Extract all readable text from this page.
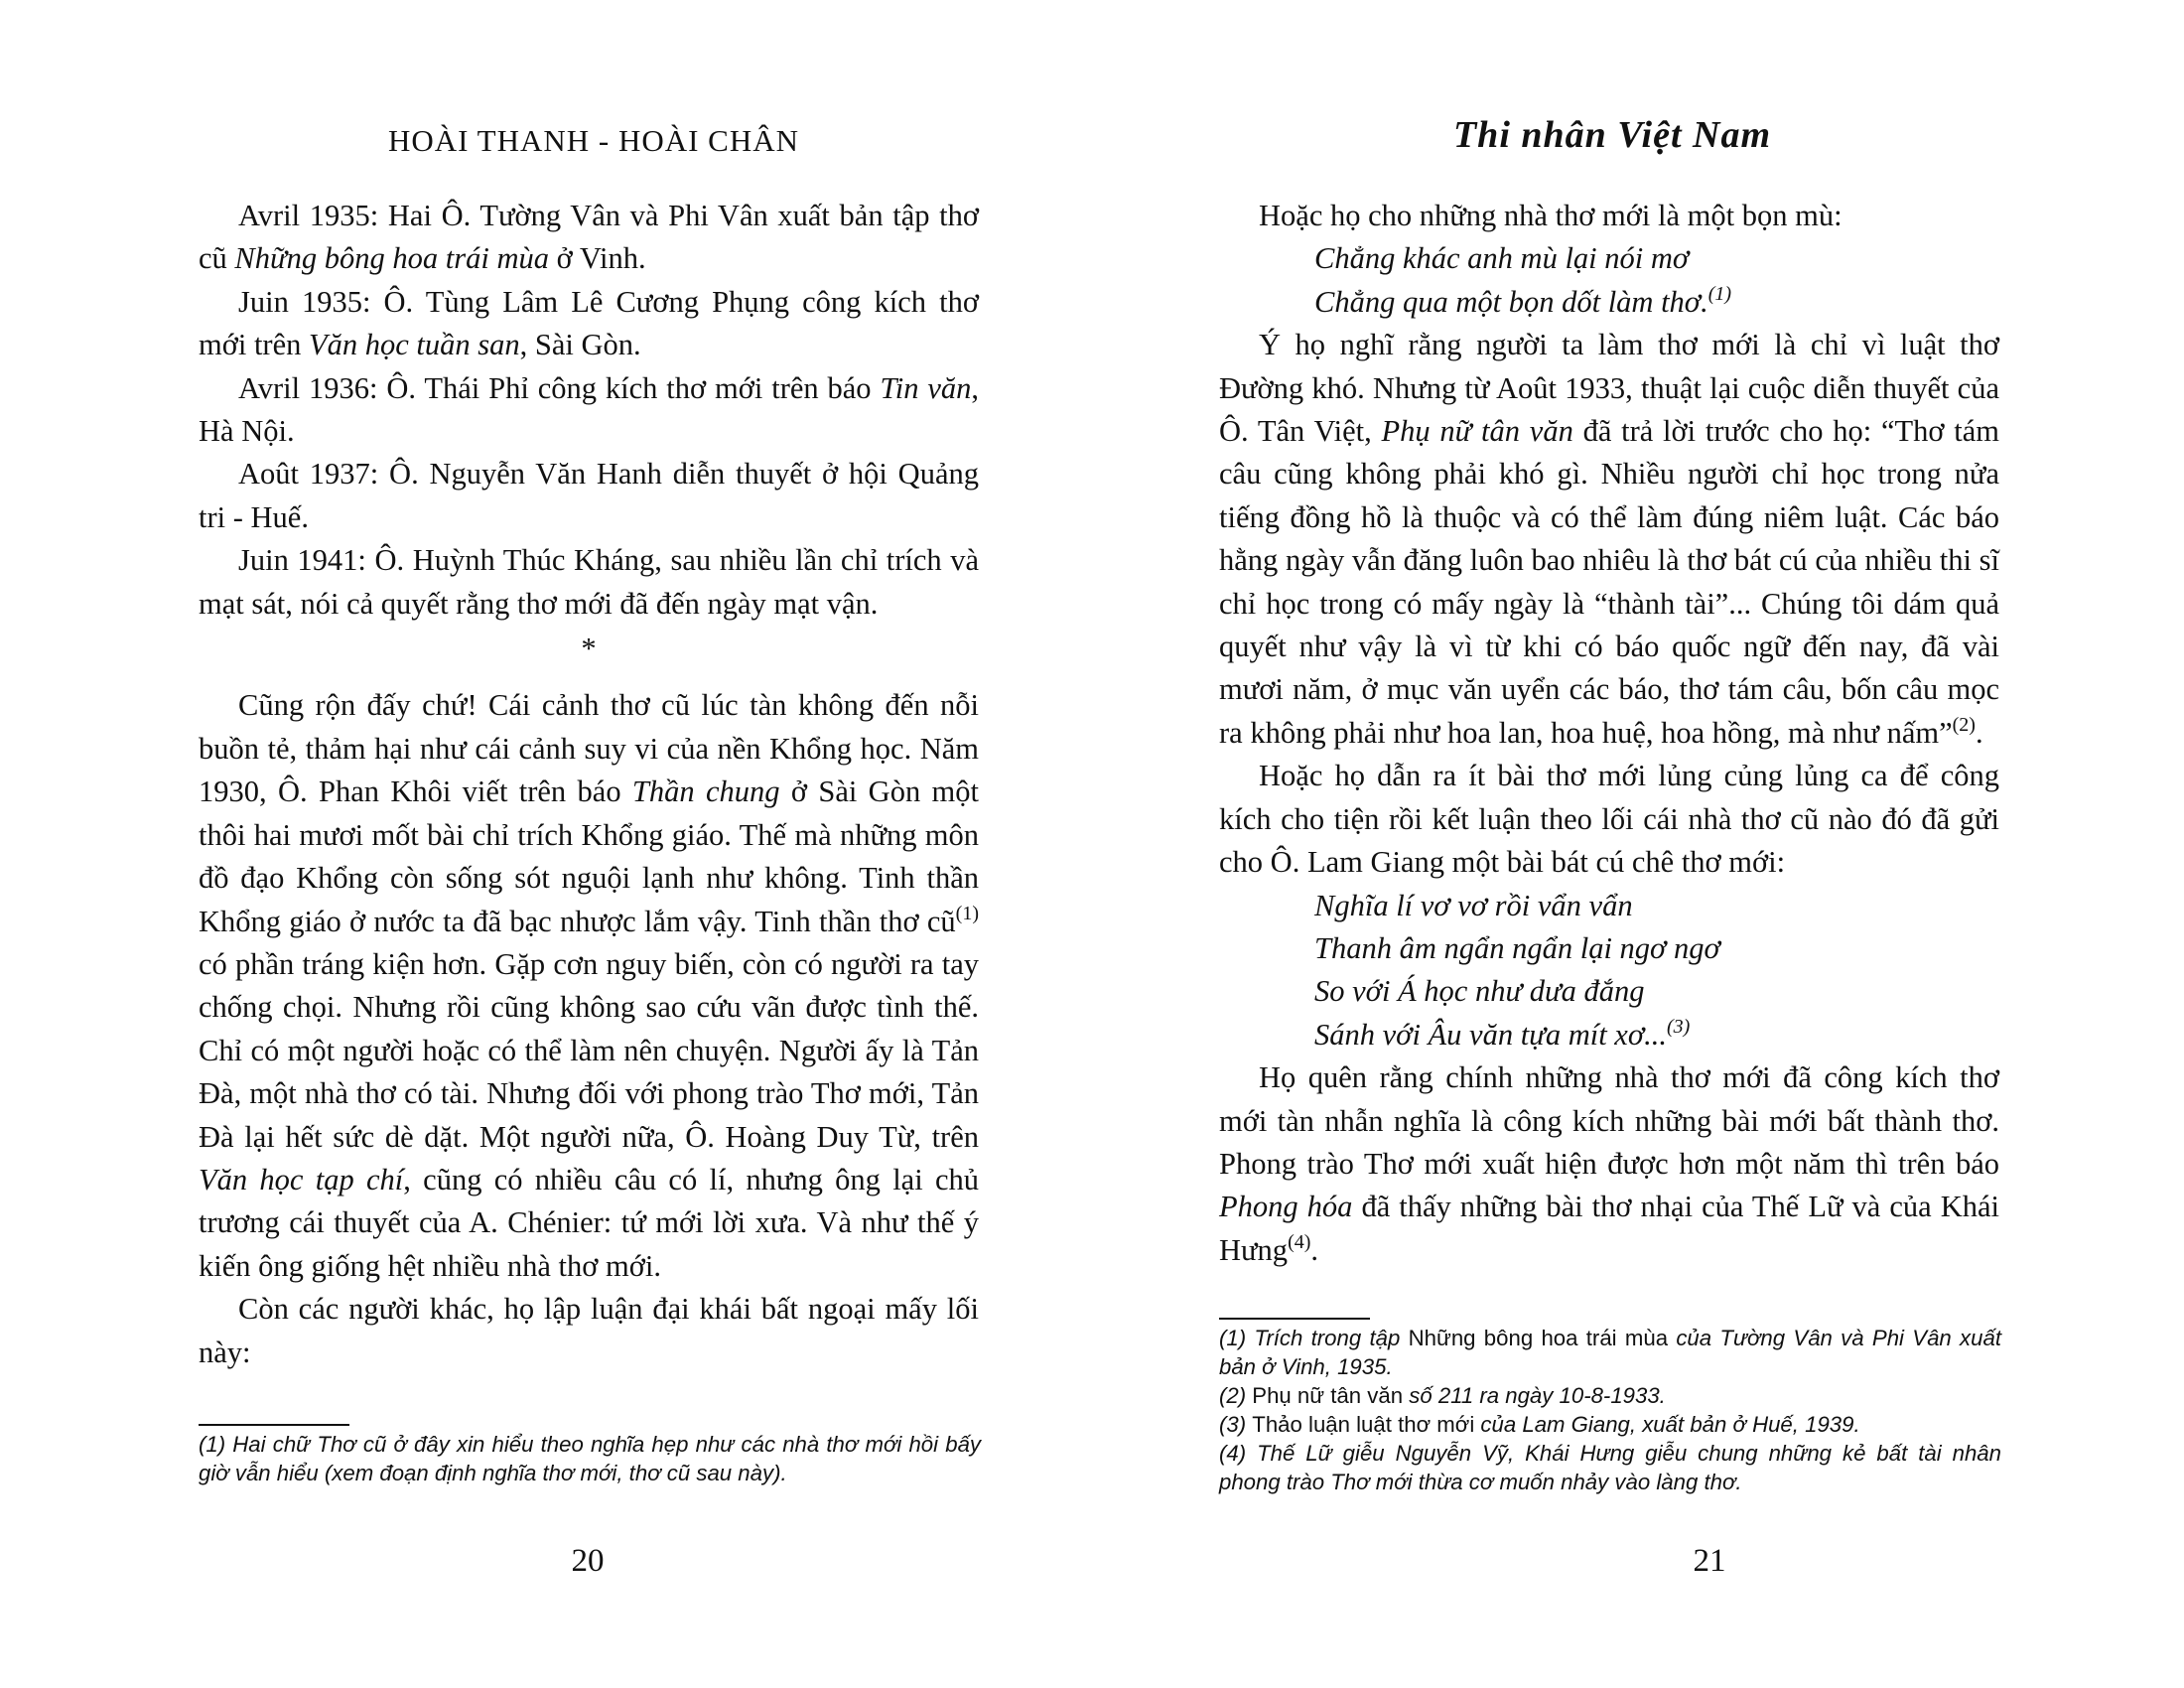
HOÀI THANH - HOÀI CHÂN

Avril 1935: Hai Ô. Tường Vân và Phi Vân xuất bản tập thơ cũ Những bông hoa trái mùa ở Vinh.

Juin 1935: Ô. Tùng Lâm Lê Cương Phụng công kích thơ mới trên Văn học tuần san, Sài Gòn.

Avril 1936: Ô. Thái Phỉ công kích thơ mới trên báo Tin văn, Hà Nội.

Août 1937: Ô. Nguyễn Văn Hanh diễn thuyết ở hội Quảng tri - Huế.

Juin 1941: Ô. Huỳnh Thúc Kháng, sau nhiều lần chỉ trích và mạt sát, nói cả quyết rằng thơ mới đã đến ngày mạt vận.

*

Cũng rộn đấy chứ! Cái cảnh thơ cũ lúc tàn không đến nỗi buồn tẻ, thảm hại như cái cảnh suy vi của nền Khổng học. Năm 1930, Ô. Phan Khôi viết trên báo Thần chung ở Sài Gòn một thôi hai mươi mốt bài chỉ trích Khổng giáo. Thế mà những môn đồ đạo Khổng còn sống sót nguội lạnh như không. Tinh thần Khổng giáo ở nước ta đã bạc nhược lắm vậy. Tinh thần thơ $cũ^{(1)}$ có phần tráng kiện hơn. Gặp cơn nguy biến, còn có người ra tay chống chọi. Nhưng rồi cũng không sao cứu vãn được tình thế. Chỉ có một người hoặc có thể làm nên chuyện. Người ấy là Tản Đà, một nhà thơ có tài. Nhưng đối với phong trào Thơ mới, Tản Đà lại hết sức dè dặt. Một người nữa, Ô. Hoàng Duy Từ, trên Văn học tạp chí, cũng có nhiều câu có lí, nhưng ông lại chủ trương cái thuyết của A. Chénier: tứ mới lời xưa. Và như thế ý kiến ông giống hệt nhiều nhà thơ mới.

Còn các người khác, họ lập luận đại khái bất ngoại mấy lối này:

(1) Hai chữ Thơ cũ ở đây xin hiểu theo nghĩa hẹp như các nhà thơ mới hồi bấy giờ vẫn hiểu (xem đoạn định nghĩa thơ mới, thơ cũ sau này).

20
Thi nhân Việt Nam

Hoặc họ cho những nhà thơ mới là một bọn mù:

Chẳng khác anh mù lại nói mơ

Chẳng qua một bọn dốt làm thơ.$^{(1)}$

Ý họ nghĩ rằng người ta làm thơ mới là chỉ vì luật thơ Đường khó. Nhưng từ Août 1933, thuật lại cuộc diễn thuyết của Ô. Tân Việt, Phụ nữ tân văn đã trả lời trước cho họ: “Thơ tám câu cũng không phải khó gì. Nhiều người chỉ học trong nửa tiếng đồng hồ là thuộc và có thể làm đúng niêm luật. Các báo hằng ngày vẫn đăng luôn bao nhiêu là thơ bát cú của nhiều thi sĩ chỉ học trong có mấy ngày là “thành tài”... Chúng tôi dám quả quyết như vậy là vì từ khi có báo quốc ngữ đến nay, đã vài mươi năm, ở mục văn uyển các báo, thơ tám câu, bốn câu mọc ra không phải như hoa lan, hoa huệ, hoa hồng, mà như nấm”$^{(2)}$.

Hoặc họ dẫn ra ít bài thơ mới lủng củng lủng ca để công kích cho tiện rồi kết luận theo lối cái nhà thơ cũ nào đó đã gửi cho Ô. Lam Giang một bài bát cú chê thơ mới:

Nghĩa lí vơ vơ rồi vẩn vẩn

Thanh âm ngẩn ngẩn lại ngơ ngơ

So với Á học như dưa đắng

Sánh với Âu văn tựa mít xơ...$^{(3)}$

Họ quên rằng chính những nhà thơ mới đã công kích thơ mới tàn nhẫn nghĩa là công kích những bài mới bất thành thơ. Phong trào Thơ mới xuất hiện được hơn một năm thì trên báo Phong hóa đã thấy những bài thơ nhại của Thế Lữ và của Khái Hưng$^{(4)}$.

(1) Trích trong tập Những bông hoa trái mùa của Tường Vân và Phi Vân xuất bản ở Vinh, 1935.

(2) Phụ nữ tân văn số 211 ra ngày 10-8-1933.

(3) Thảo luận luật thơ mới của Lam Giang, xuất bản ở Huế, 1939.

(4) Thế Lữ giễu Nguyễn Vỹ, Khái Hưng giễu chung những kẻ bất tài nhân phong trào Thơ mới thừa cơ muốn nhảy vào làng thơ.

21
